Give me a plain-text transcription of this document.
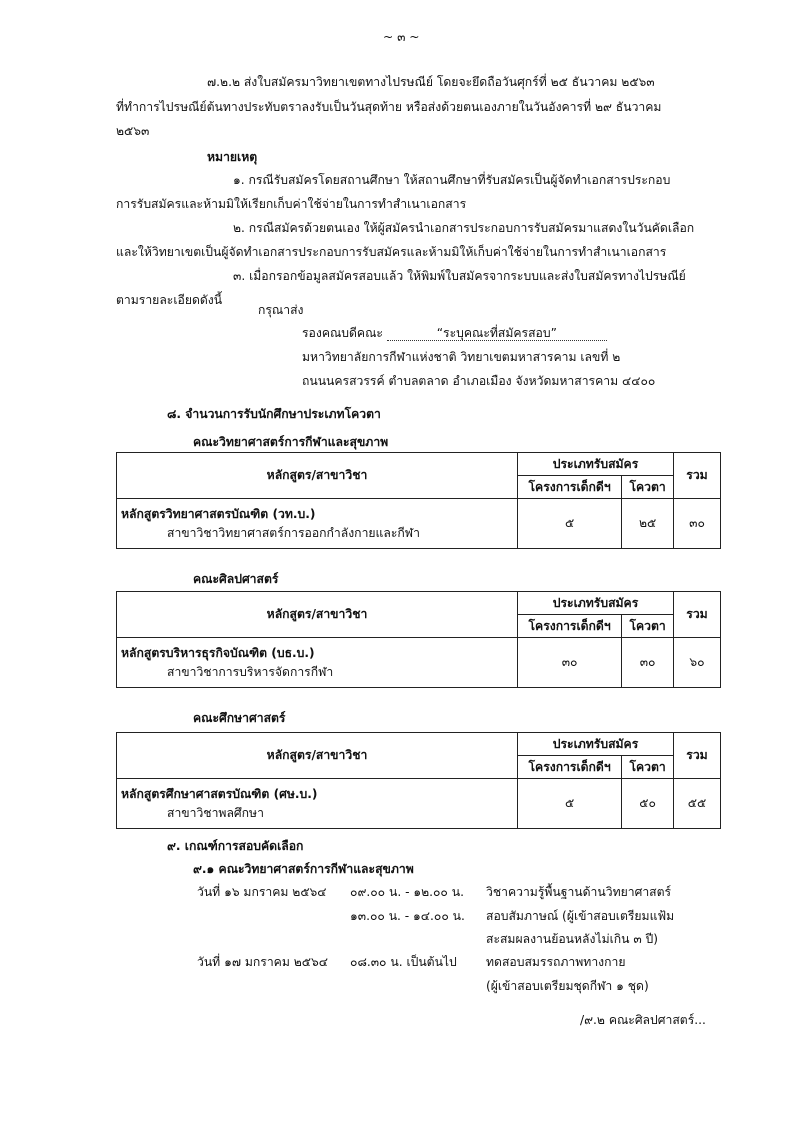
~ ๓ ~
๗.๒.๒ ส่งใบสมัครมาวิทยาเขตทางไปรษณีย์ โดยจะยึดถือวันศุกร์ที่ ๒๕ ธันวาคม ๒๕๖๓
ที่ทำการไปรษณีย์ต้นทางประทับตราลงรับเป็นวันสุดท้าย หรือส่งด้วยตนเองภายในวันอังคารที่ ๒๙ ธันวาคม
๒๕๖๓
หมายเหตุ
๑. กรณีรับสมัครโดยสถานศึกษา ให้สถานศึกษาที่รับสมัครเป็นผู้จัดทำเอกสารประกอบ
การรับสมัครและห้ามมิให้เรียกเก็บค่าใช้จ่ายในการทำสำเนาเอกสาร
๒. กรณีสมัครด้วยตนเอง ให้ผู้สมัครนำเอกสารประกอบการรับสมัครมาแสดงในวันคัดเลือก
และให้วิทยาเขตเป็นผู้จัดทำเอกสารประกอบการรับสมัครและห้ามมิให้เก็บค่าใช้จ่ายในการทำสำเนาเอกสาร
๓. เมื่อกรอกข้อมูลสมัครสอบแล้ว ให้พิมพ์ใบสมัครจากระบบและส่งใบสมัครทางไปรษณีย์
ตามรายละเอียดดังนี้
กรุณาส่ง
รองคณบดีคณะ	“ระบุคณะที่สมัครสอบ”
มหาวิทยาลัยการกีฬาแห่งชาติ วิทยาเขตมหาสารคาม เลขที่ ๒
ถนนนครสวรรค์ ตำบลตลาด อำเภอเมือง จังหวัดมหาสารคาม ๔๔๐๐
๘. จำนวนการรับนักศึกษาประเภทโควตา
คณะวิทยาศาสตร์การกีฬาและสุขภาพ
หลักสูตร/สาขาวิชา	ประเภทรับสมัคร		รวม
	โครงการเด็กดีฯ	โควตา	

หลักสูตรวิทยาศาสตรบัณฑิต (วท.บ.)
สาขาวิชาวิทยาศาสตร์การออกกำลังกายและกีฬา	๕	๒๕	๓๐
คณะศิลปศาสตร์
หลักสูตร/สาขาวิชา	ประเภทรับสมัคร		รวม
	โครงการเด็กดีฯ	โควตา	

หลักสูตรบริหารธุรกิจบัณฑิต (บธ.บ.)
สาขาวิชาการบริหารจัดการกีฬา	๓๐	๓๐	๖๐
คณะศึกษาศาสตร์
หลักสูตร/สาขาวิชา	ประเภทรับสมัคร		รวม
	โครงการเด็กดีฯ	โควตา	

หลักสูตรศึกษาศาสตรบัณฑิต (ศษ.บ.)
สาขาวิชาพลศึกษา	๕	๕๐	๕๕
๙. เกณฑ์การสอบคัดเลือก
๙.๑ คณะวิทยาศาสตร์การกีฬาและสุขภาพ
วันที่ ๑๖ มกราคม ๒๕๖๔ ๐๙.๐๐ น. - ๑๒.๐๐ น. วิชาความรู้พื้นฐานด้านวิทยาศาสตร์
๑๓.๐๐ น. - ๑๔.๐๐ น. สอบสัมภาษณ์ (ผู้เข้าสอบเตรียมแฟ้ม
สะสมผลงานย้อนหลังไม่เกิน ๓ ปี)
วันที่ ๑๗ มกราคม ๒๕๖๔ ๐๘.๓๐ น. เป็นต้นไป ทดสอบสมรรถภาพทางกาย
(ผู้เข้าสอบเตรียมชุดกีฬา ๑ ชุด)
/๙.๒ คณะศิลปศาสตร์...
